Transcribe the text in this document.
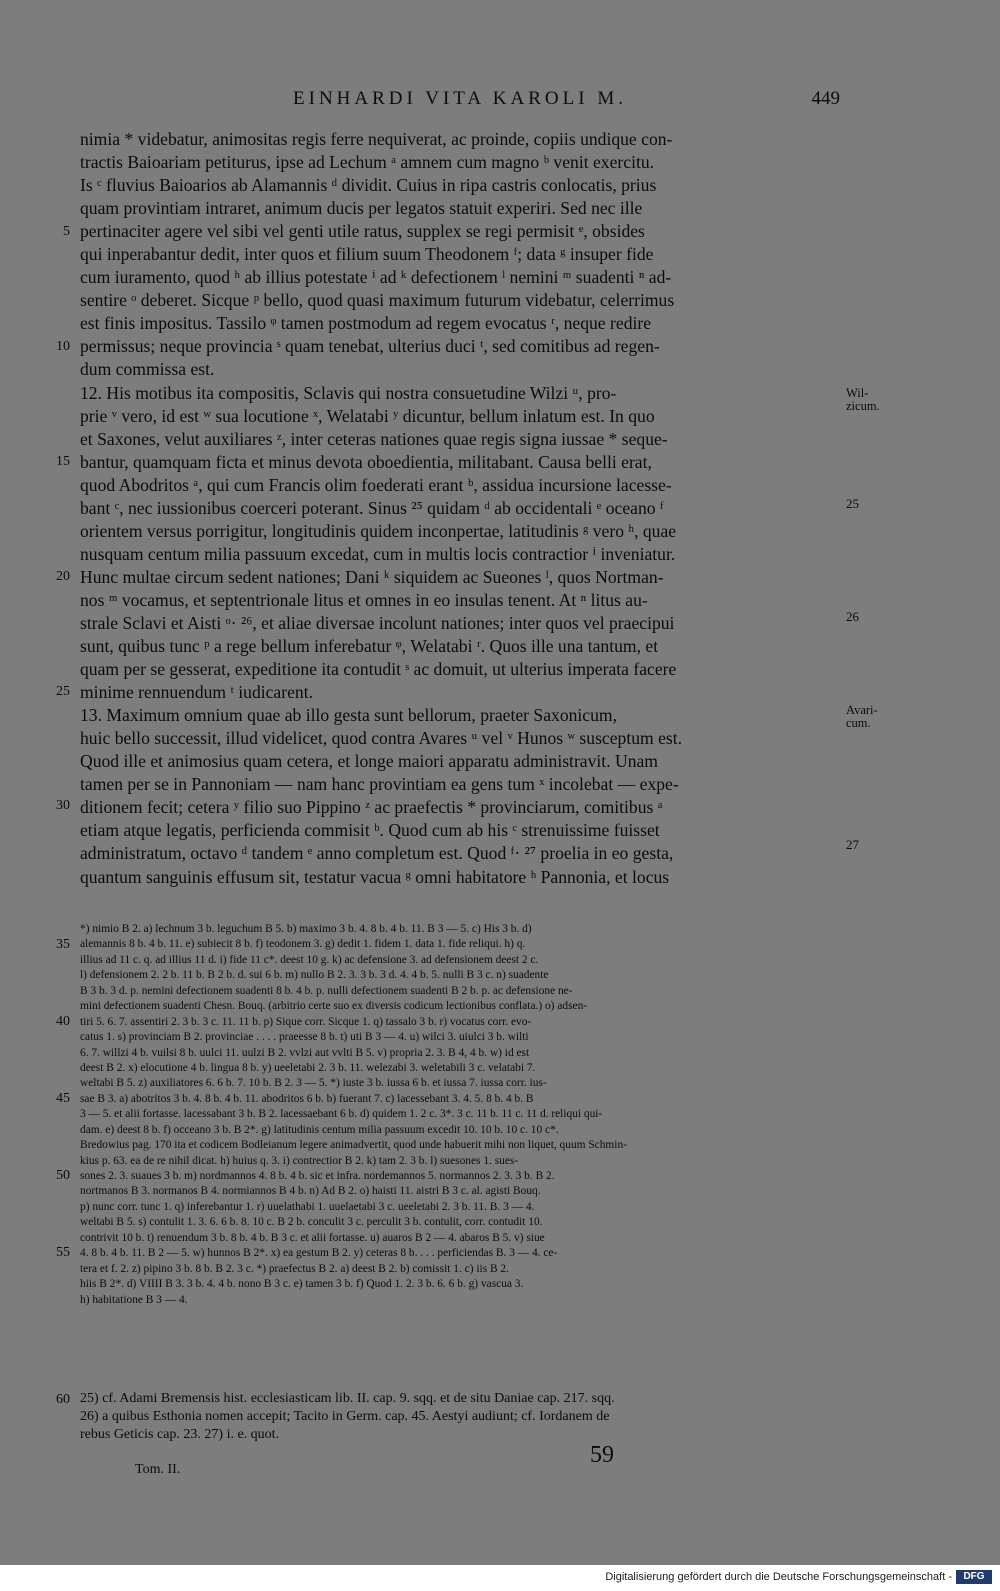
EINHARDI VITA KAROLI M.	449
nimia * videbatur, animositas regis ferre nequiverat, ac proinde, copiis undique con-
tractis Baioariam petiturus, ipse ad Lechum ᵃ amnem cum magno ᵇ venit exercitu.
Is ᶜ fluvius Baioarios ab Alamannis ᵈ dividit. Cuius in ripa castris conlocatis, prius
quam provintiam intraret, animum ducis per legatos statuit experiri. Sed nec ille
pertinaciter agere vel sibi vel genti utile ratus, supplex se regi permisit ᵉ, obsides
qui inperabantur dedit, inter quos et filium suum Theodonem ᶠ; data ᵍ insuper fide
cum iuramento, quod ʰ ab illius potestate ⁱ ad ᵏ defectionem ˡ nemini ᵐ suadenti ⁿ ad-
sentire ᵒ deberet. Sicque ᵖ bello, quod quasi maximum futurum videbatur, celerrimus
est finis impositus. Tassilo ᵠ tamen postmodum ad regem evocatus ʳ, neque redire
permissus; neque provincia ˢ quam tenebat, ulterius duci ᵗ, sed comitibus ad regen-
dum commissa est.
12. His motibus ita compositis, Sclavis qui nostra consuetudine Wilzi ᵘ, pro-
prie ᵛ vero, id est ʷ sua locutione ˣ, Welatabi ʸ dicuntur, bellum inlatum est. In quo
et Saxones, velut auxiliares ᶻ, inter ceteras nationes quae regis signa iussae * seque-
bantur, quamquam ficta et minus devota oboedientia, militabant. Causa belli erat,
quod Abodritos ᵃ, qui cum Francis olim foederati erant ᵇ, assidua incursione lacesse-
bant ᶜ, nec iussionibus coerceri poterant. Sinus ²⁵ quidam ᵈ ab occidentali ᵉ oceano ᶠ
orientem versus porrigitur, longitudinis quidem inconpertae, latitudinis ᵍ vero ʰ, quae
nusquam centum milia passuum excedat, cum in multis locis contractior ⁱ inveniatur.
Hunc multae circum sedent nationes; Dani ᵏ siquidem ac Sueones ˡ, quos Nortman-
nos ᵐ vocamus, et septentrionale litus et omnes in eo insulas tenent. At ⁿ litus au-
strale Sclavi et Aisti ᵒ· ²⁶, et aliae diversae incolunt nationes; inter quos vel praecipui
sunt, quibus tunc ᵖ a rege bellum inferebatur ᵠ, Welatabi ʳ. Quos ille una tantum, et
quam per se gesserat, expeditione ita contudit ˢ ac domuit, ut ulterius imperata facere
minime rennuendum ᵗ iudicarent.
13. Maximum omnium quae ab illo gesta sunt bellorum, praeter Saxonicum,
huic bello successit, illud videlicet, quod contra Avares ᵘ vel ᵛ Hunos ʷ susceptum est.
Quod ille et animosius quam cetera, et longe maiori apparatu administravit. Unam
tamen per se in Pannoniam — nam hanc provintiam ea gens tum ˣ incolebat — expe-
ditionem fecit; cetera ʸ filio suo Pippino ᶻ ac praefectis * provinciarum, comitibus ᵃ
etiam atque legatis, perficienda commisit ᵇ. Quod cum ab his ᶜ strenuissime fuisset
administratum, octavo ᵈ tandem ᵉ anno completum est. Quod ᶠ· ²⁷ proelia in eo gesta,
quantum sanguinis effusum sit, testatur vacua ᵍ omni habitatore ʰ Pannonia, et locus
5
10
15
20
25
30
25
26
27
Wil-
zicum.
Avari-
cum.
35
40
45
50
55
60
*) nimio B 2. a) lechnum 3 b. leguchum B 5. b) maximo 3 b. 4. 8 b. 4 b. 11. B 3 — 5. c) His 3 b. d)
alemannis 8 b. 4 b. 11. e) subiecit 8 b. f) teodonem 3. g) dedit 1. fidem 1. data 1. fide reliqui. h) q.
illius ad 11 c. q. ad illius 11 d. i) fide 11 c*. deest 10 g. k) ac defensione 3. ad defensionem deest 2 c.
l) defensionem 2. 2 b. 11 b. B 2 b. d. sui 6 b. m) nullo B 2. 3. 3 b. 3 d. 4. 4 b. 5. nulli B 3 c. n) suadente
B 3 b. 3 d. p. nemini defectionem suadenti 8 b. 4 b. p. nulli defectionem suadenti B 2 b. p. ac defensione ne-
mini defectionem suadenti Chesn. Bouq. (arbitrio certe suo ex diversis codicum lectionibus conflata.) o) adsen-
tiri 5. 6. 7. assentiri 2. 3 b. 3 c. 11. 11 b. p) Sique corr. Sicque 1. q) tassalo 3 b. r) vocatus corr. evo-
catus 1. s) provinciam B 2. provinciae . . . . praeesse 8 b. t) uti B 3 — 4. u) wilci 3. uiulci 3 b. wilti
6. 7. willzi 4 b. vuilsi 8 b. uulci 11. uulzi B 2. vvlzi aut vvlti B 5. v) propria 2. 3. B 4, 4 b. w) id est
deest B 2. x) elocutione 4 b. lingua 8 b. y) ueeletabi 2. 3 b. 11. welezabi 3. weletabili 3 c. velatabi 7.
weltabi B 5. z) auxiliatores 6. 6 b. 7. 10 b. B 2. 3 — 5. *) iuste 3 b. iussa 6 b. et iussa 7. iussa corr. ius-
sae B 3. a) abotritos 3 b. 4. 8 b. 4 b. 11. abodritos 6 b. b) fuerant 7. c) lacessebant 3. 4. 5. 8 b. 4 b. B
3 — 5. et alii fortasse. lacessabant 3 b. B 2. lacessaebant 6 b. d) quidem 1. 2 c. 3*. 3 c. 11 b. 11 c. 11 d. reliqui qui-
dam. e) deest 8 b. f) occeano 3 b. B 2*. g) latitudinis centum milia passuum excedit 10. 10 b. 10 c. 10 c*.
Bredowius pag. 170 ita et codicem Bodleianum legere animadvertit, quod unde habuerit mihi non liquet, quum Schmin-
kius p. 63. ea de re nihil dicat. h) huius q. 3. i) contrectior B 2. k) tam 2. 3 b. l) suesones 1. sues-
sones 2. 3. suaues 3 b. m) nordmannos 4. 8 b. 4 b. sic et infra. nordemannos 5. normannos 2. 3. 3 b. B 2.
nortmanos B 3. normanos B 4. normiannos B 4 b. n) Ad B 2. o) haisti 11. aistri B 3 c. al. agisti Bouq.
p) nunc corr. tunc 1. q) inferebantur 1. r) uuelathabi 1. uuelaetabi 3 c. ueeletabi 2. 3 b. 11. B. 3 — 4.
weltabi B 5. s) contulit 1. 3. 6. 6 b. 8. 10 c. B 2 b. conculit 3 c. perculit 3 b. contulit, corr. contudit 10.
contrivit 10 b. t) renuendum 3 b. 8 b. 4 b. B 3 c. et alii fortasse. u) auaros B 2 — 4. abaros B 5. v) siue
4. 8 b. 4 b. 11. B 2 — 5. w) hunnos B 2*. x) ea gestum B 2. y) ceteras 8 b. . . . perficiendas B. 3 — 4. ce-
tera et f. 2. z) pipino 3 b. 8 b. B 2. 3 c. *) praefectus B 2. a) deest B 2. b) comissit 1. c) iis B 2.
hiis B 2*. d) VIIII B 3. 3 b. 4. 4 b. nono B 3 c. e) tamen 3 b. f) Quod 1. 2. 3 b. 6. 6 b. g) vascua 3.
h) habitatione B 3 — 4.
25) cf. Adami Bremensis hist. ecclesiasticam lib. II. cap. 9. sqq. et de situ Daniae cap. 217. sqq.
26) a quibus Esthonia nomen accepit; Tacito in Germ. cap. 45. Aestyi audiunt; cf. Iordanem de
rebus Geticis cap. 23. 27) i. e. quot.
Tom. II.
59
Digitalisierung gefördert durch die Deutsche Forschungsgemeinschaft -	DFG
